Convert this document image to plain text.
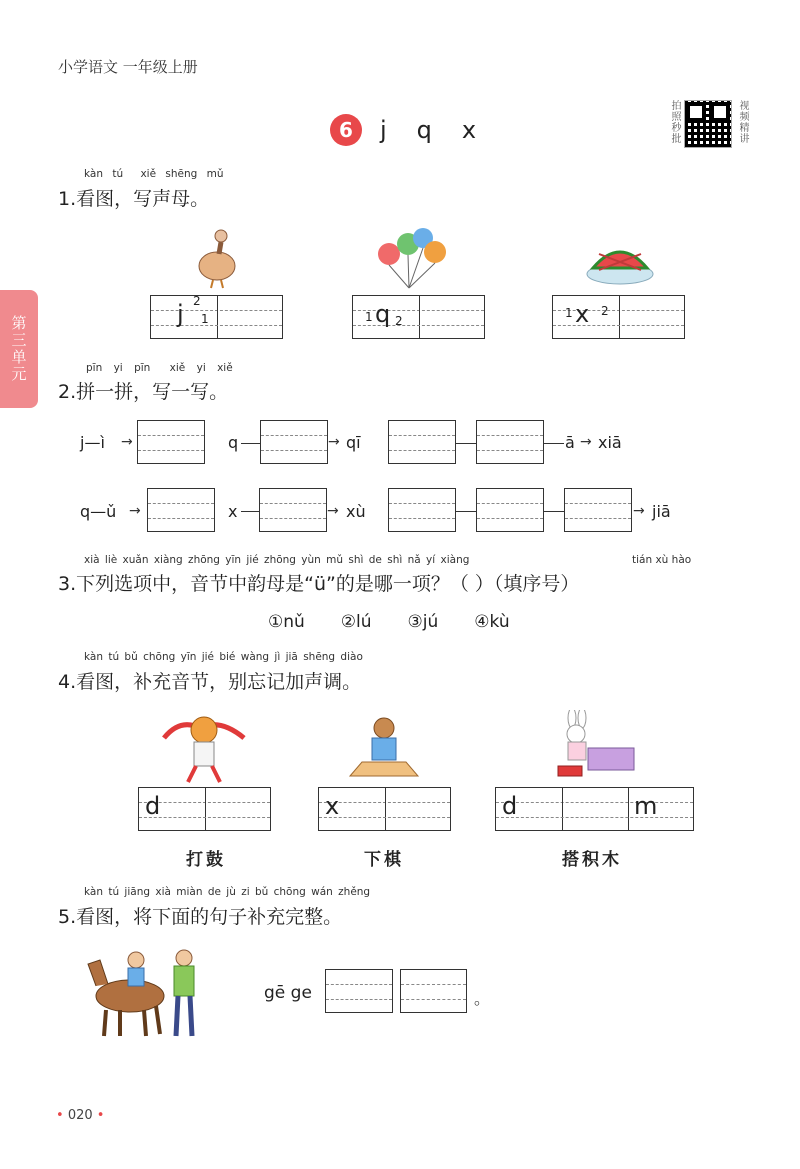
小学语文 一年级上册
6	j q x	拍照秒批	视频精讲
第三单元
kàn tú xiě shēng mǔ
1.看图，写声母。
j 2
1	1 q 2
1 x 2
pīn yi pīn xiě yi xiě
2.拼一拼，写一写。
j—ì →	q	→ qī	ā → xiā
q—ǔ →	x	→ xù	→ jiā
xià liè xuǎn xiàng zhōng yīn jié zhōng yùn mǔ shì de shì nǎ yí xiàng	tián xù hào
3.下列选项中，音节中韵母是“ü”的是哪一项？（ ）（填序号）
①nǔ ②lú ③jú ④kù
kàn tú bǔ chōng yīn jié bié wàng jì jiā shēng diào
4.看图，补充音节，别忘记加声调。
d	x	d	m
打鼓	下棋	搭积木
kàn tú jiāng xià miàn de jù zi bǔ chōng wán zhěng
5.看图，将下面的句子补充完整。
gē ge	。
• 020 •
